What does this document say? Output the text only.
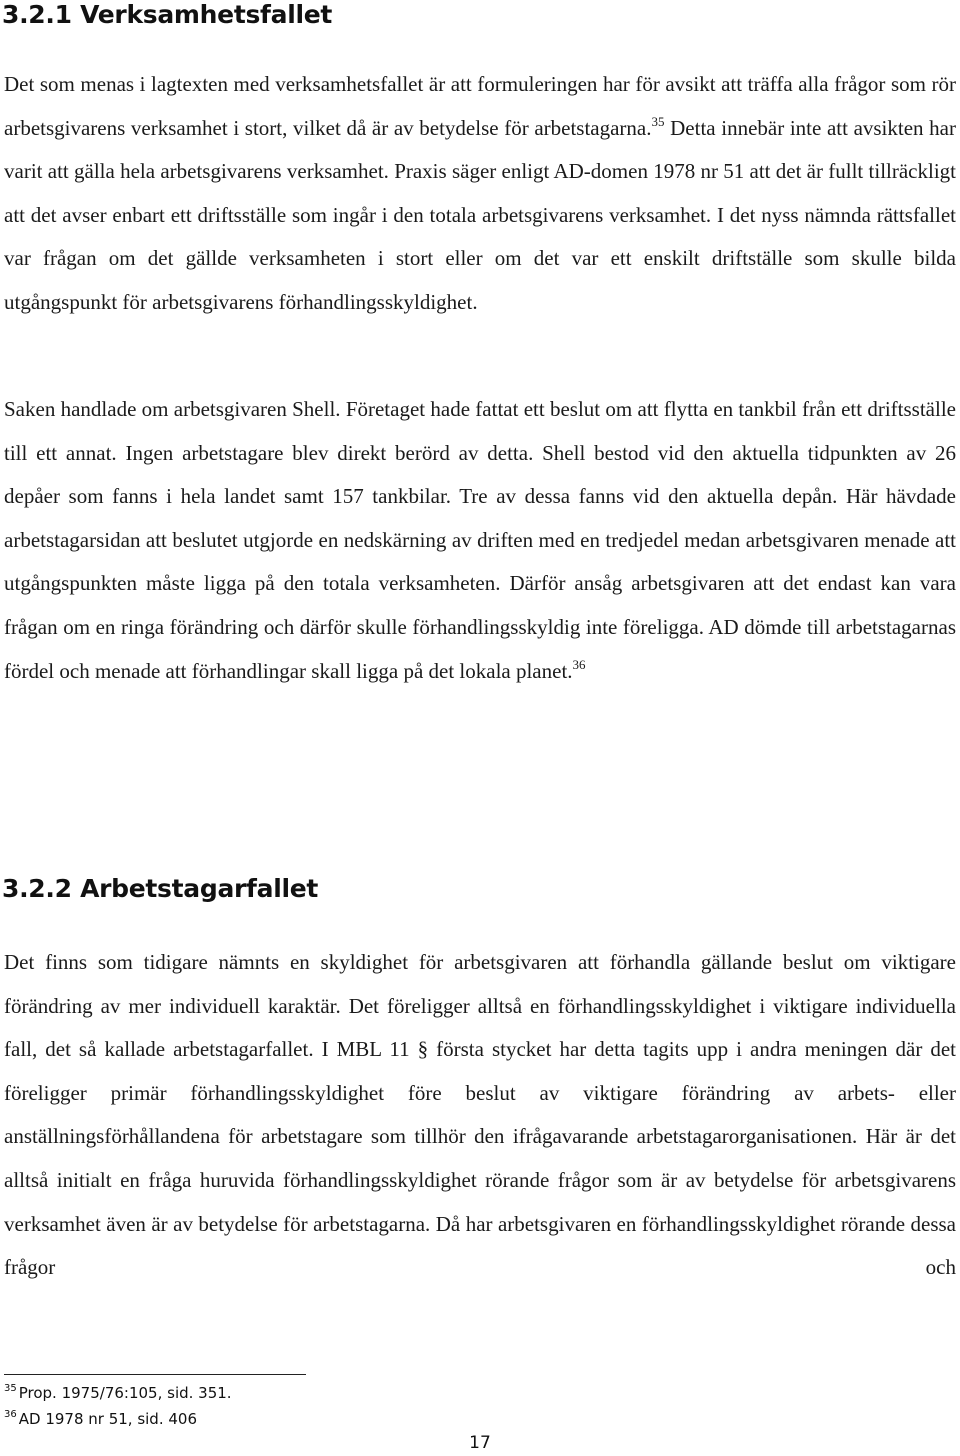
3.2.1 Verksamhetsfallet

Det som menas i lagtexten med verksamhetsfallet är att formuleringen har för avsikt att träffa alla frågor som rör arbetsgivarens verksamhet i stort, vilket då är av betydelse för arbetstagarna.$^{35}$ Detta innebär inte att avsikten har varit att gälla hela arbetsgivarens verksamhet. Praxis säger enligt AD-domen 1978 nr 51 att det är fullt tillräckligt att det avser enbart ett driftsställe som ingår i den totala arbetsgivarens verksamhet. I det nyss nämnda rättsfallet var frågan om det gällde verksamheten i stort eller om det var ett enskilt driftställe som skulle bilda utgångspunkt för arbetsgivarens förhandlingsskyldighet.

Saken handlade om arbetsgivaren Shell. Företaget hade fattat ett beslut om att flytta en tankbil från ett driftsställe till ett annat. Ingen arbetstagare blev direkt berörd av detta. Shell bestod vid den aktuella tidpunkten av 26 depåer som fanns i hela landet samt 157 tankbilar. Tre av dessa fanns vid den aktuella depån. Här hävdade arbetstagarsidan att beslutet utgjorde en nedskärning av driften med en tredjedel medan arbetsgivaren menade att utgångspunkten måste ligga på den totala verksamheten. Därför ansåg arbetsgivaren att det endast kan vara frågan om en ringa förändring och därför skulle förhandlingsskyldig inte föreligga. AD dömde till arbetstagarnas fördel och menade att förhandlingar skall ligga på det lokala planet.$^{36}$

3.2.2 Arbetstagarfallet

Det finns som tidigare nämnts en skyldighet för arbetsgivaren att förhandla gällande beslut om viktigare förändring av mer individuell karaktär. Det föreligger alltså en förhandlingsskyldighet i viktigare individuella fall, det så kallade arbetstagarfallet. I MBL 11 § första stycket har detta tagits upp i andra meningen där det föreligger primär förhandlingsskyldighet före beslut av viktigare förändring av arbets- eller anställningsförhållandena för arbetstagare som tillhör den ifrågavarande arbetstagarorganisationen. Här är det alltså initialt en fråga huruvida förhandlingsskyldighet rörande frågor som är av betydelse för arbetsgivarens verksamhet även är av betydelse för arbetstagarna. Då har arbetsgivaren en förhandlingsskyldighet rörande dessa frågor och

$^{35}$ Prop. 1975/76:105, sid. 351.

$^{36}$ AD 1978 nr 51, sid. 406

17
